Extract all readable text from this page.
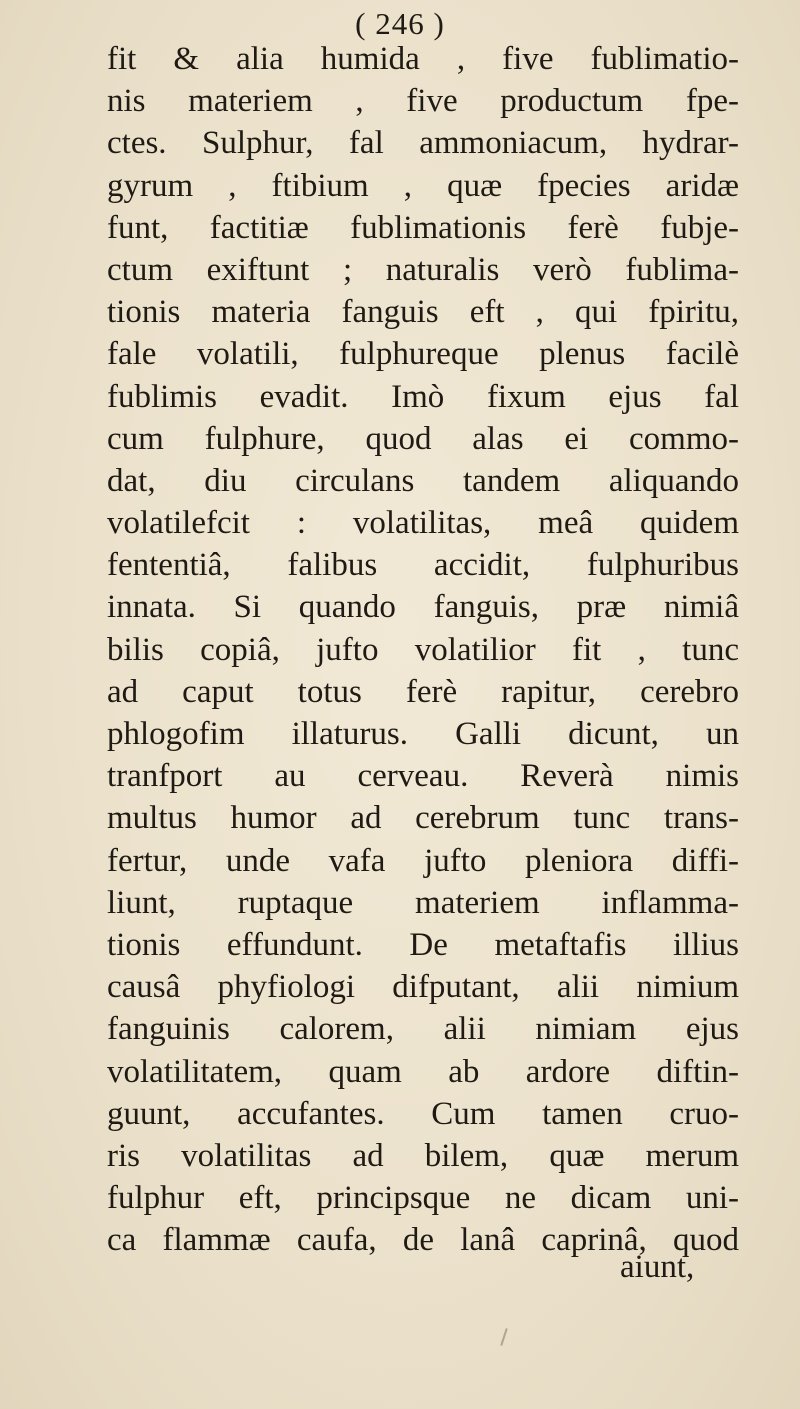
( 246 )
fit & alia humida , five fublimatio-
nis materiem , five productum fpe-
ctes. Sulphur, fal ammoniacum, hydrar-
gyrum , ftibium , quæ fpecies aridæ
funt, factitiæ fublimationis ferè fubje-
ctum exiftunt ; naturalis verò fublima-
tionis materia fanguis eft , qui fpiritu,
fale volatili, fulphureque plenus facilè
fublimis evadit. Imò fixum ejus fal
cum fulphure, quod alas ei commo-
dat, diu circulans tandem aliquando
volatilefcit : volatilitas, meâ quidem
fententiâ, falibus accidit, fulphuribus
innata. Si quando fanguis, præ nimiâ
bilis copiâ, jufto volatilior fit , tunc
ad caput totus ferè rapitur, cerebro
phlogofim illaturus. Galli dicunt, un
tranfport au cerveau. Reverà nimis
multus humor ad cerebrum tunc trans-
fertur, unde vafa jufto pleniora diffi-
liunt, ruptaque materiem inflamma-
tionis effundunt. De metaftafis illius
causâ phyfiologi difputant, alii nimium
fanguinis calorem, alii nimiam ejus
volatilitatem, quam ab ardore diftin-
guunt, accufantes. Cum tamen cruo-
ris volatilitas ad bilem, quæ merum
fulphur eft, principsque ne dicam uni-
ca flammæ caufa, de lanâ caprinâ, quod
aiunt,
